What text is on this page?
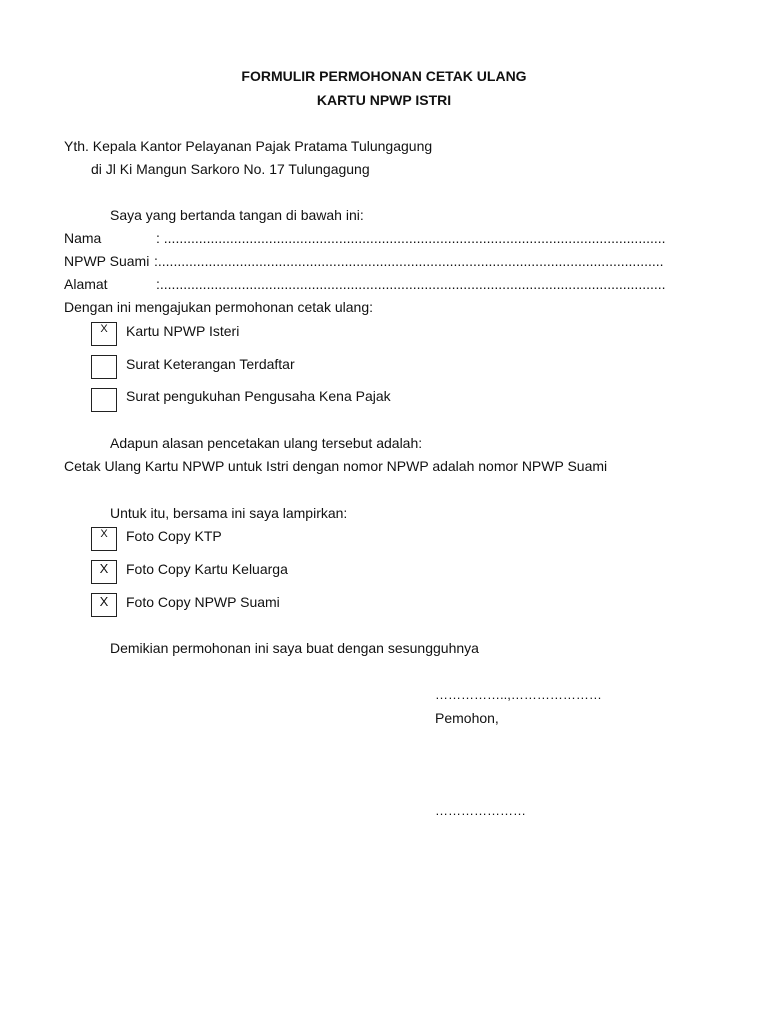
FORMULIR PERMOHONAN CETAK ULANG
KARTU NPWP ISTRI
Yth. Kepala Kantor Pelayanan Pajak Pratama Tulungagung
di Jl Ki Mangun Sarkoro No. 17 Tulungagung
Saya yang bertanda tangan di bawah ini:
Nama	: .................................................................................................................................
NPWP Suami :..................................................................................................................................
Alamat	:..................................................................................................................................
Dengan ini mengajukan permohonan cetak ulang:
X	Kartu NPWP Isteri
Surat Keterangan Terdaftar
Surat pengukuhan Pengusaha Kena Pajak
Adapun alasan pencetakan ulang tersebut adalah:
Cetak Ulang Kartu NPWP untuk Istri dengan nomor NPWP adalah nomor NPWP Suami
Untuk itu, bersama ini saya lampirkan:
X	Foto Copy KTP
X	Foto Copy Kartu Keluarga
X	Foto Copy NPWP Suami
Demikian permohonan ini saya buat dengan sesungguhnya
……………..,…………………
Pemohon,
…………………
